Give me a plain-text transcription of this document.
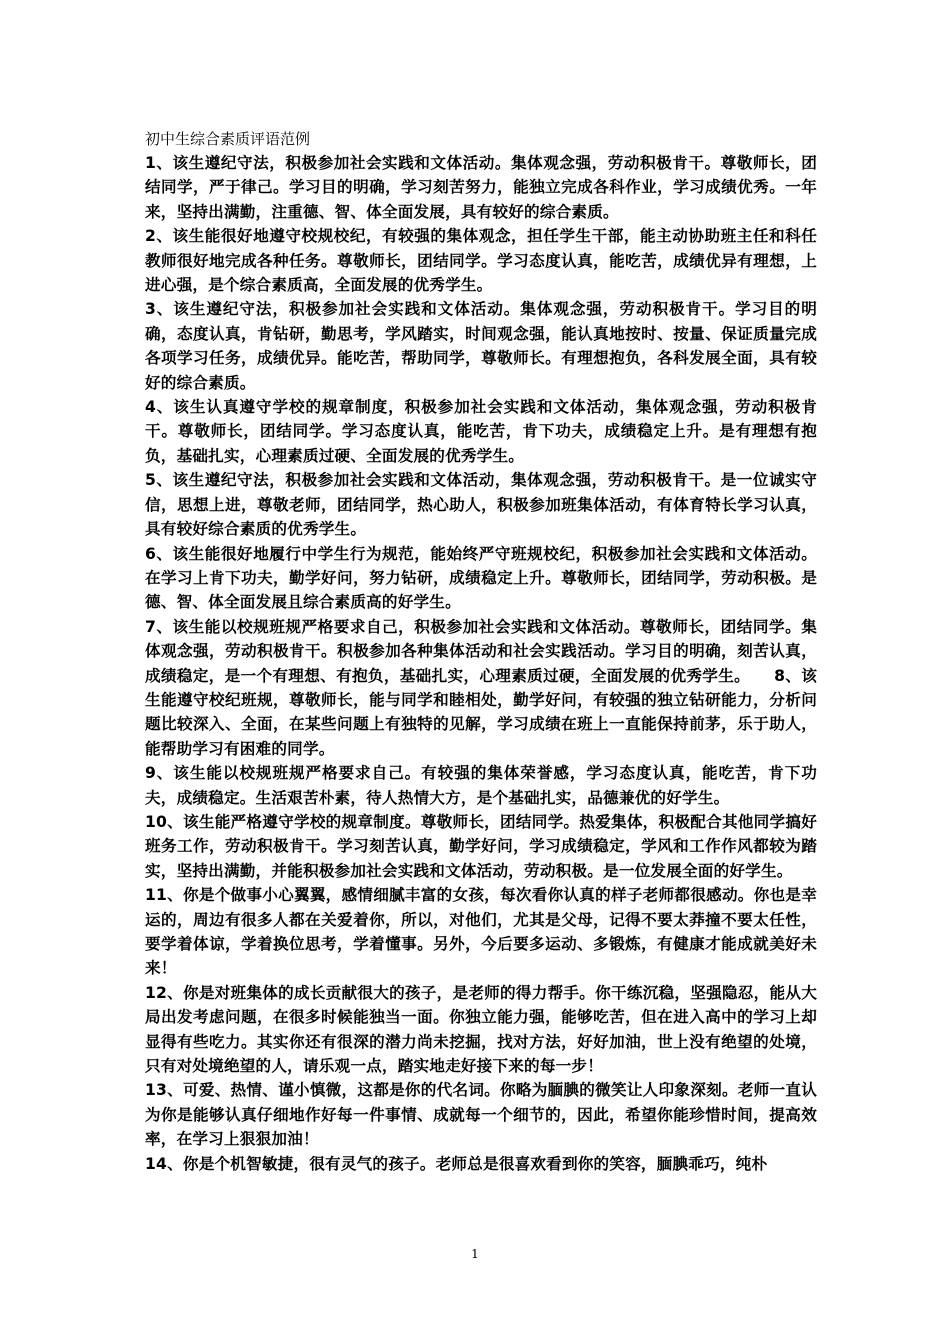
初中生综合素质评语范例

1、该生遵纪守法，积极参加社会实践和文体活动。集体观念强，劳动积极肯干。尊敬师长，团结同学，严于律己。学习目的明确，学习刻苦努力，能独立完成各科作业，学习成绩优秀。一年来，坚持出满勤，注重德、智、体全面发展，具有较好的综合素质。

2、该生能很好地遵守校规校纪，有较强的集体观念，担任学生干部，能主动协助班主任和科任教师很好地完成各种任务。尊敬师长，团结同学。学习态度认真，能吃苦，成绩优异有理想，上进心强，是个综合素质高，全面发展的优秀学生。

3、该生遵纪守法，积极参加社会实践和文体活动。集体观念强，劳动积极肯干。学习目的明确，态度认真，肯钻研，勤思考，学风踏实，时间观念强，能认真地按时、按量、保证质量完成各项学习任务，成绩优异。能吃苦，帮助同学，尊敬师长。有理想抱负，各科发展全面，具有较好的综合素质。

4、该生认真遵守学校的规章制度，积极参加社会实践和文体活动，集体观念强，劳动积极肯干。尊敬师长，团结同学。学习态度认真，能吃苦，肯下功夫，成绩稳定上升。是有理想有抱负，基础扎实，心理素质过硬、全面发展的优秀学生。

5、该生遵纪守法，积极参加社会实践和文体活动，集体观念强，劳动积极肯干。是一位诚实守信，思想上进，尊敬老师，团结同学，热心助人，积极参加班集体活动，有体育特长学习认真，具有较好综合素质的优秀学生。

6、该生能很好地履行中学生行为规范，能始终严守班规校纪，积极参加社会实践和文体活动。在学习上肯下功夫，勤学好问，努力钻研，成绩稳定上升。尊敬师长，团结同学，劳动积极。是德、智、体全面发展且综合素质高的好学生。

7、该生能以校规班规严格要求自己，积极参加社会实践和文体活动。尊敬师长，团结同学。集体观念强，劳动积极肯干。积极参加各种集体活动和社会实践活动。学习目的明确，刻苦认真，成绩稳定，是一个有理想、有抱负，基础扎实，心理素质过硬，全面发展的优秀学生。　　8、该生能遵守校纪班规，尊敬师长，能与同学和睦相处，勤学好问，有较强的独立钻研能力，分析问题比较深入、全面，在某些问题上有独特的见解，学习成绩在班上一直能保持前茅，乐于助人，能帮助学习有困难的同学。

9、该生能以校规班规严格要求自己。有较强的集体荣誉感，学习态度认真，能吃苦，肯下功夫，成绩稳定。生活艰苦朴素，待人热情大方，是个基础扎实，品德兼优的好学生。

10、该生能严格遵守学校的规章制度。尊敬师长，团结同学。热爱集体，积极配合其他同学搞好班务工作，劳动积极肯干。学习刻苦认真，勤学好问，学习成绩稳定，学风和工作作风都较为踏实，坚持出满勤，并能积极参加社会实践和文体活动，劳动积极。是一位发展全面的好学生。

11、你是个做事小心翼翼，感情细腻丰富的女孩，每次看你认真的样子老师都很感动。你也是幸运的，周边有很多人都在关爱着你，所以，对他们，尤其是父母，记得不要太莽撞不要太任性，要学着体谅，学着换位思考，学着懂事。另外，今后要多运动、多锻炼，有健康才能成就美好未来！

12、你是对班集体的成长贡献很大的孩子，是老师的得力帮手。你干练沉稳，坚强隐忍，能从大局出发考虑问题，在很多时候能独当一面。你独立能力强，能够吃苦，但在进入高中的学习上却显得有些吃力。其实你还有很深的潜力尚未挖掘，找对方法，好好加油，世上没有绝望的处境，只有对处境绝望的人，请乐观一点，踏实地走好接下来的每一步！

13、可爱、热情、谨小慎微，这都是你的代名词。你略为腼腆的微笑让人印象深刻。老师一直认为你是能够认真仔细地作好每一件事情、成就每一个细节的，因此，希望你能珍惜时间，提高效率，在学习上狠狠加油！

14、你是个机智敏捷，很有灵气的孩子。老师总是很喜欢看到你的笑容，腼腆乖巧，纯朴

1
